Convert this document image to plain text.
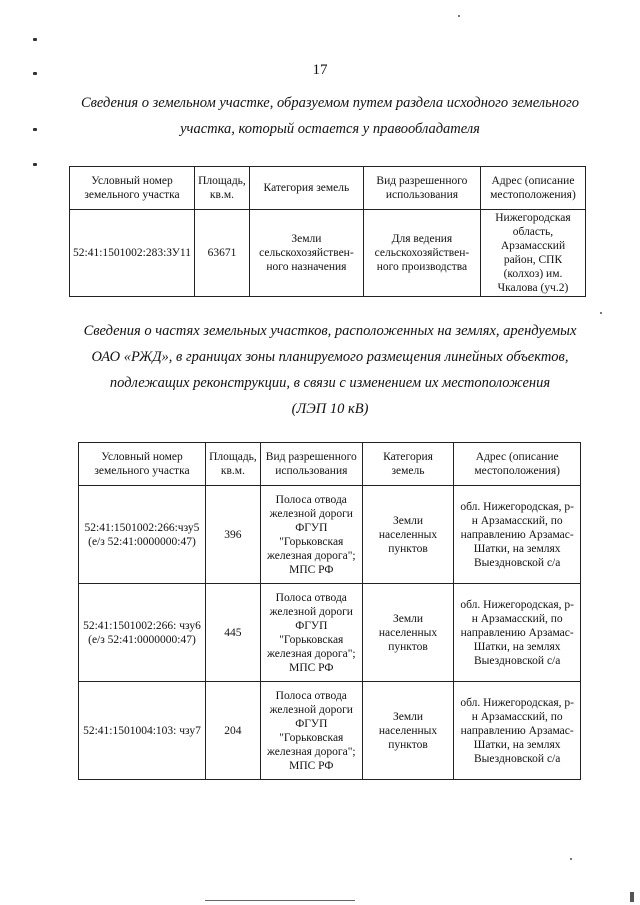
17
Сведения о земельном участке, образуемом путем раздела исходного земельного
участка, который остается у правообладателя
Условный номер земельного участка	Площадь, кв.м.	Категория земель	Вид разрешенного использования	Адрес (описание местоположения)
52:41:1501002:283:ЗУ11	63671	Земли сельскохозяйствен-ного назначения	Для ведения сельскохозяйствен-ного производства	Нижегородская область, Арзамасский район, СПК (колхоз) им. Чкалова (уч.2)
Сведения о частях земельных участков, расположенных на землях, арендуемых
ОАО «РЖД», в границах зоны планируемого размещения линейных объектов,
подлежащих реконструкции, в связи с изменением их местоположения
(ЛЭП 10 кВ)
Условный номер земельного участка	Площадь, кв.м.	Вид разрешенного использования	Категория земель	Адрес (описание местоположения)
52:41:1501002:266:чзу5 (е/з 52:41:0000000:47)	396	Полоса отвода железной дороги ФГУП "Горьковская железная дорога"; МПС РФ	Земли населенных пунктов	обл. Нижегородская, р-н Арзамасский, по направлению Арзамас- Шатки, на землях Выездновской с/а
52:41:1501002:266: чзу6 (е/з 52:41:0000000:47)	445	Полоса отвода железной дороги ФГУП "Горьковская железная дорога"; МПС РФ	Земли населенных пунктов	обл. Нижегородская, р-н Арзамасский, по направлению Арзамас- Шатки, на землях Выездновской с/а
52:41:1501004:103: чзу7	204	Полоса отвода железной дороги ФГУП "Горьковская железная дорога"; МПС РФ	Земли населенных пунктов	обл. Нижегородская, р-н Арзамасский, по направлению Арзамас- Шатки, на землях Выездновской с/а
